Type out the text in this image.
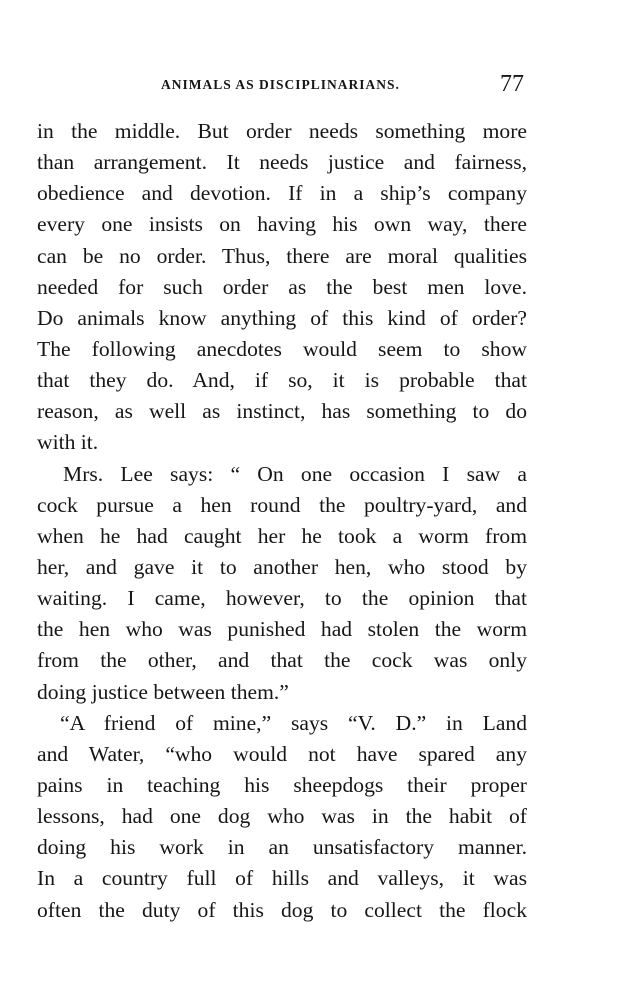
ANIMALS AS DISCIPLINARIANS.	77
in the middle. But order needs something more
than arrangement. It needs justice and fairness,
obedience and devotion. If in a ship’s company
every one insists on having his own way, there
can be no order. Thus, there are moral qualities
needed for such order as the best men love.
Do animals know anything of this kind of order?
The following anecdotes would seem to show
that they do. And, if so, it is probable that
reason, as well as instinct, has something to do
with it.
Mrs. Lee says: “ On one occasion I saw a
cock pursue a hen round the poultry-yard, and
when he had caught her he took a worm from
her, and gave it to another hen, who stood by
waiting. I came, however, to the opinion that
the hen who was punished had stolen the worm
from the other, and that the cock was only
doing justice between them.”
“A friend of mine,” says “V. D.” in Land
and Water, “who would not have spared any
pains in teaching his sheepdogs their proper
lessons, had one dog who was in the habit of
doing his work in an unsatisfactory manner.
In a country full of hills and valleys, it was
often the duty of this dog to collect the flock
